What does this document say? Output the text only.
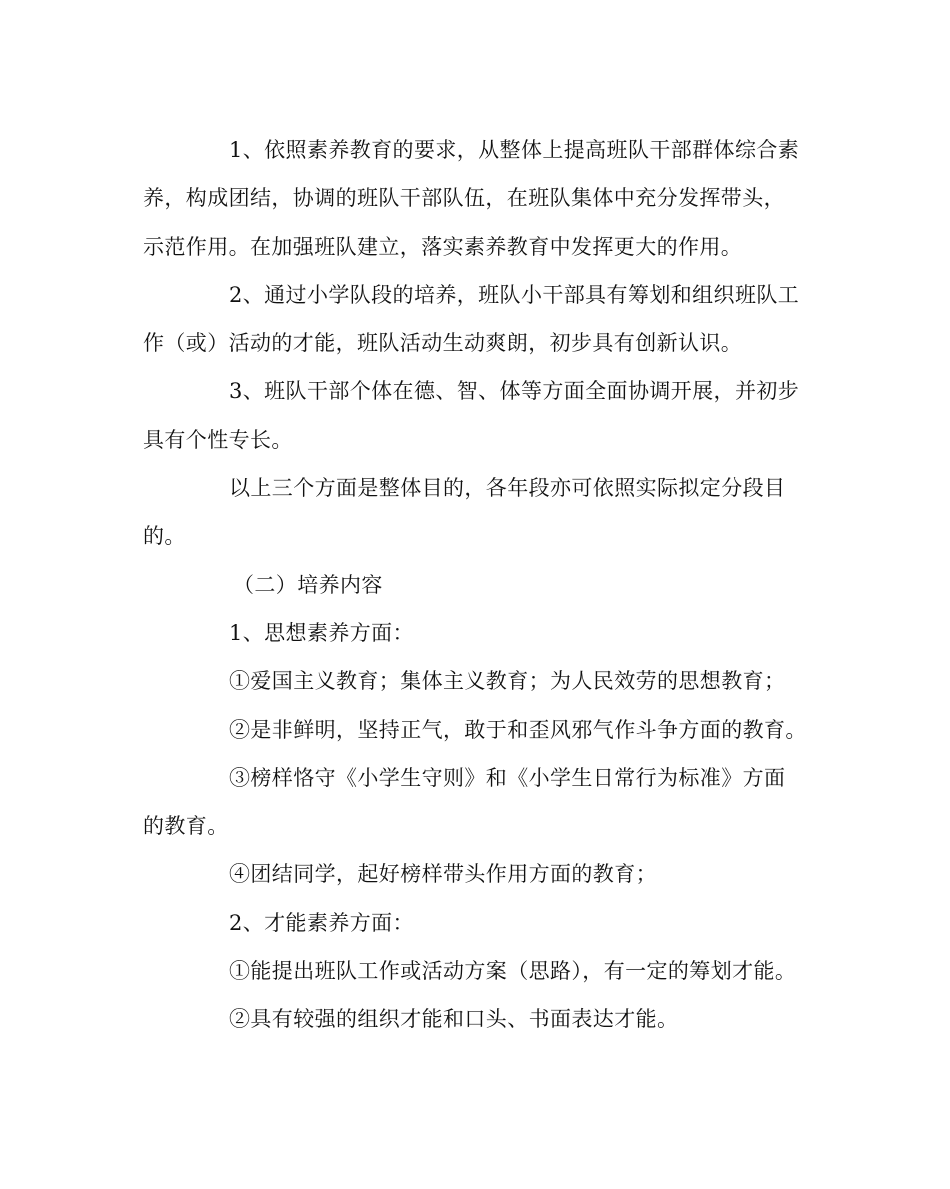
1、依照素养教育的要求，从整体上提高班队干部群体综合素

养，构成团结，协调的班队干部队伍，在班队集体中充分发挥带头，

示范作用。在加强班队建立，落实素养教育中发挥更大的作用。

2、通过小学队段的培养，班队小干部具有筹划和组织班队工

作（或）活动的才能，班队活动生动爽朗，初步具有创新认识。

3、班队干部个体在德、智、体等方面全面协调开展，并初步

具有个性专长。

以上三个方面是整体目的，各年段亦可依照实际拟定分段目

的。

（二）培养内容

1、思想素养方面：

①爱国主义教育；集体主义教育；为人民效劳的思想教育；

②是非鲜明，坚持正气，敢于和歪风邪气作斗争方面的教育。

③榜样恪守《小学生守则》和《小学生日常行为标准》方面

的教育。

④团结同学，起好榜样带头作用方面的教育；

2、才能素养方面：

①能提出班队工作或活动方案（思路），有一定的筹划才能。

②具有较强的组织才能和口头、书面表达才能。
